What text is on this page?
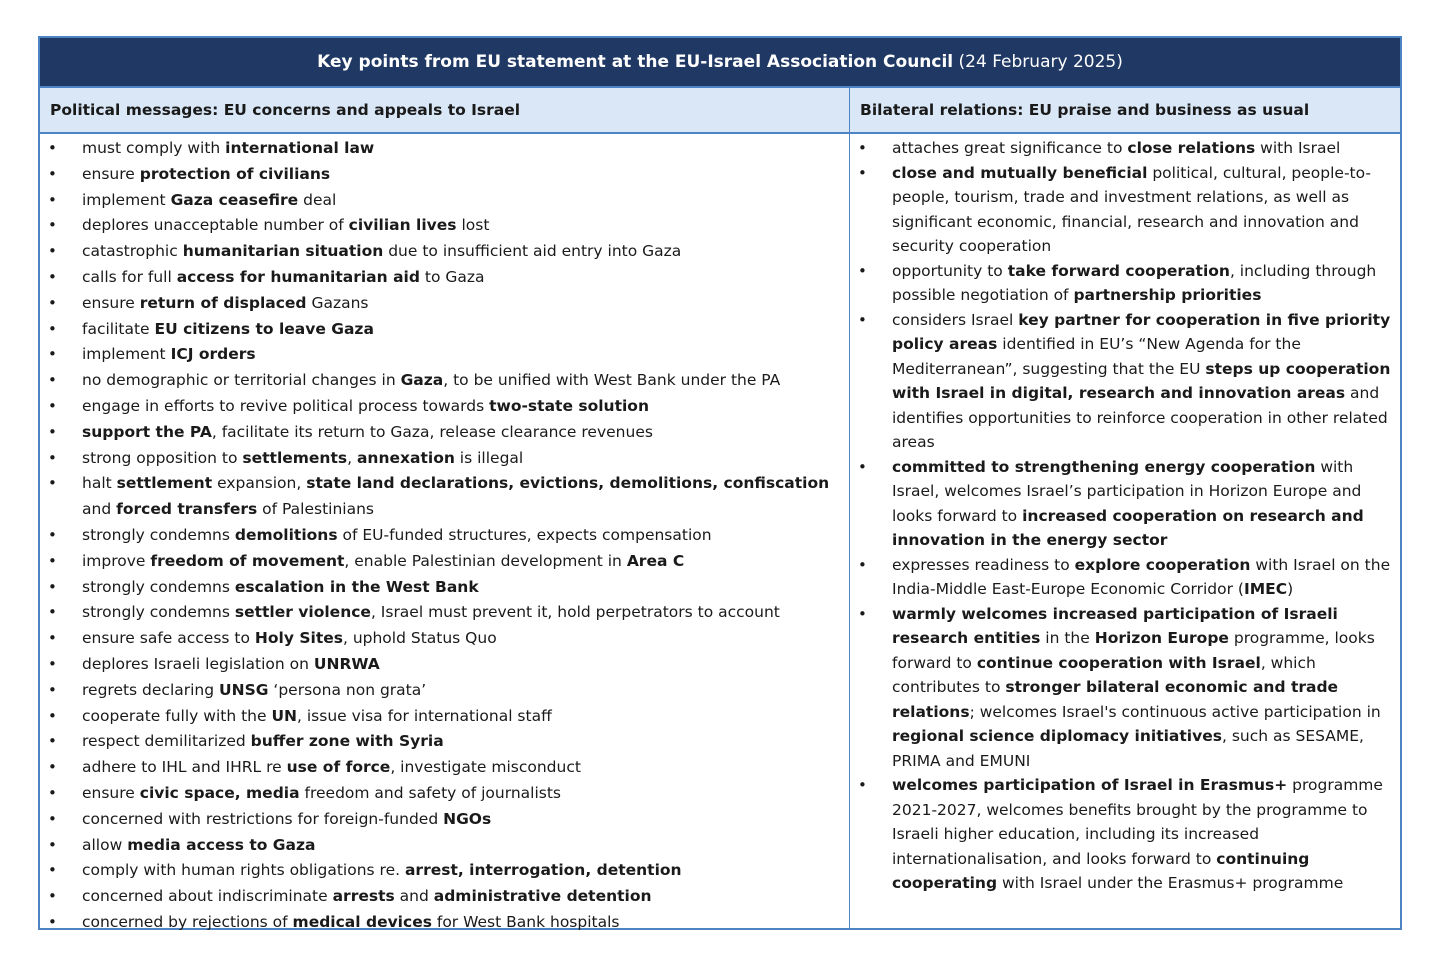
Key points from EU statement at the EU-Israel Association Council (24 February 2025)
Political messages: EU concerns and appeals to Israel	Bilateral relations: EU praise and business as usual
• must comply with international law
• ensure protection of civilians
• implement Gaza ceasefire deal
• deplores unacceptable number of civilian lives lost
• catastrophic humanitarian situation due to insufficient aid entry into Gaza
• calls for full access for humanitarian aid to Gaza
• ensure return of displaced Gazans
• facilitate EU citizens to leave Gaza
• implement ICJ orders
• no demographic or territorial changes in Gaza, to be unified with West Bank under the PA
• engage in efforts to revive political process towards two-state solution
• support the PA, facilitate its return to Gaza, release clearance revenues
• strong opposition to settlements, annexation is illegal
• halt settlement expansion, state land declarations, evictions, demolitions, confiscation and forced transfers of Palestinians
• strongly condemns demolitions of EU-funded structures, expects compensation
• improve freedom of movement, enable Palestinian development in Area C
• strongly condemns escalation in the West Bank
• strongly condemns settler violence, Israel must prevent it, hold perpetrators to account
• ensure safe access to Holy Sites, uphold Status Quo
• deplores Israeli legislation on UNRWA
• regrets declaring UNSG ‘persona non grata’
• cooperate fully with the UN, issue visa for international staff
• respect demilitarized buffer zone with Syria
• adhere to IHL and IHRL re use of force, investigate misconduct
• ensure civic space, media freedom and safety of journalists
• concerned with restrictions for foreign-funded NGOs
• allow media access to Gaza
• comply with human rights obligations re. arrest, interrogation, detention
• concerned about indiscriminate arrests and administrative detention
• concerned by rejections of medical devices for West Bank hospitals
• attaches great significance to close relations with Israel
• close and mutually beneficial political, cultural, people-to-people, tourism, trade and investment relations, as well as significant economic, financial, research and innovation and security cooperation
• opportunity to take forward cooperation, including through possible negotiation of partnership priorities
• considers Israel key partner for cooperation in five priority policy areas identified in EU’s “New Agenda for the Mediterranean”, suggesting that the EU steps up cooperation with Israel in digital, research and innovation areas and identifies opportunities to reinforce cooperation in other related areas
• committed to strengthening energy cooperation with Israel, welcomes Israel’s participation in Horizon Europe and looks forward to increased cooperation on research and innovation in the energy sector
• expresses readiness to explore cooperation with Israel on the India-Middle East-Europe Economic Corridor (IMEC)
• warmly welcomes increased participation of Israeli research entities in the Horizon Europe programme, looks forward to continue cooperation with Israel, which contributes to stronger bilateral economic and trade relations; welcomes Israel's continuous active participation in regional science diplomacy initiatives, such as SESAME, PRIMA and EMUNI
• welcomes participation of Israel in Erasmus+ programme 2021-2027, welcomes benefits brought by the programme to Israeli higher education, including its increased internationalisation, and looks forward to continuing cooperating with Israel under the Erasmus+ programme
